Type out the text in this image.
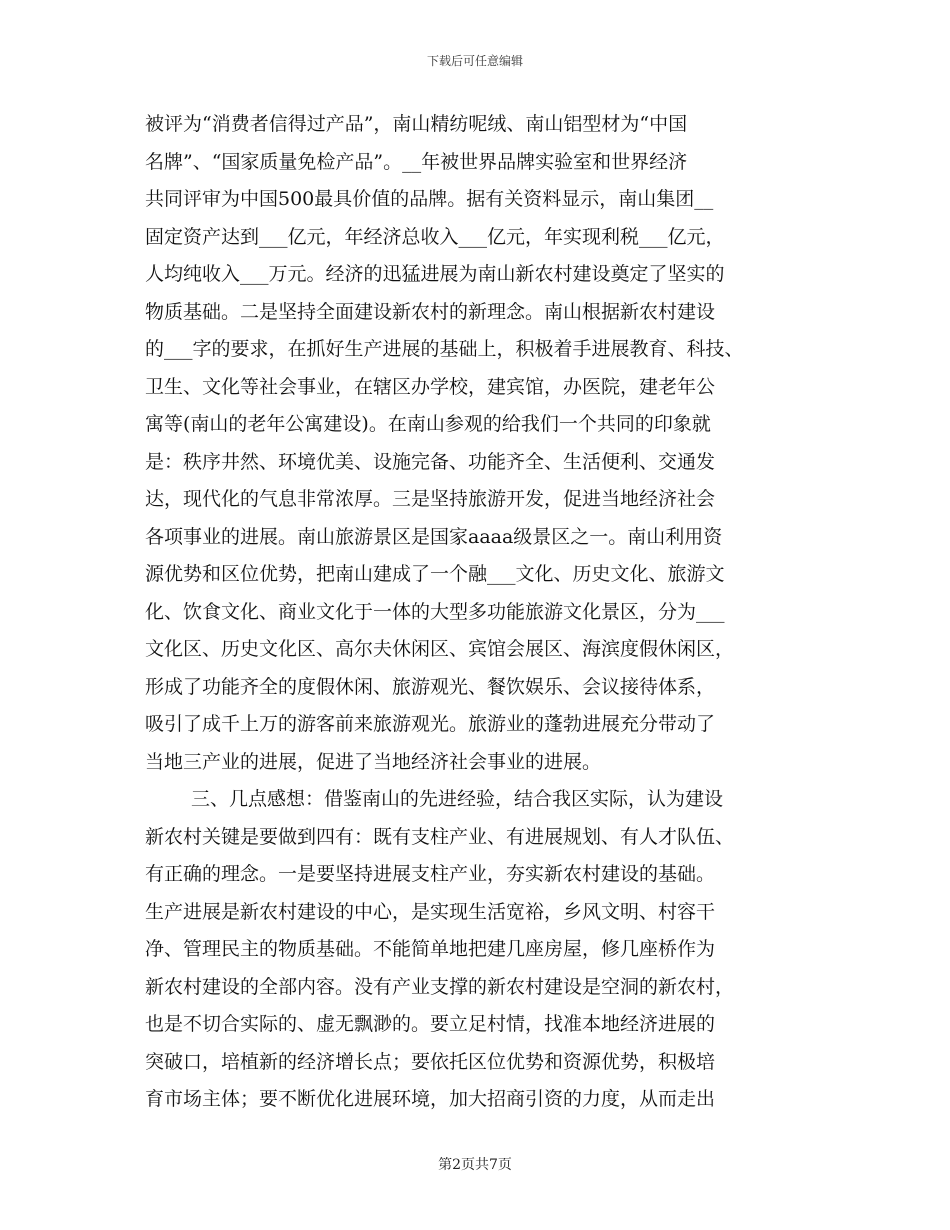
下载后可任意编辑
被评为“消费者信得过产品”，南山精纺呢绒、南山铝型材为“中国
名牌”、“国家质量免检产品”。__年被世界品牌实验室和世界经济
共同评审为中国500最具价值的品牌。据有关资料显示，南山集团__
固定资产达到___亿元，年经济总收入___亿元，年实现利税___亿元，
人均纯收入___万元。经济的迅猛进展为南山新农村建设奠定了坚实的
物质基础。二是坚持全面建设新农村的新理念。南山根据新农村建设
的___字的要求，在抓好生产进展的基础上，积极着手进展教育、科技、
卫生、文化等社会事业，在辖区办学校，建宾馆，办医院，建老年公
寓等(南山的老年公寓建设)。在南山参观的给我们一个共同的印象就
是：秩序井然、环境优美、设施完备、功能齐全、生活便利、交通发
达，现代化的气息非常浓厚。三是坚持旅游开发，促进当地经济社会
各项事业的进展。南山旅游景区是国家aaaa级景区之一。南山利用资
源优势和区位优势，把南山建成了一个融___文化、历史文化、旅游文
化、饮食文化、商业文化于一体的大型多功能旅游文化景区，分为___
文化区、历史文化区、高尔夫休闲区、宾馆会展区、海滨度假休闲区，
形成了功能齐全的度假休闲、旅游观光、餐饮娱乐、会议接待体系，
吸引了成千上万的游客前来旅游观光。旅游业的蓬勃进展充分带动了
当地三产业的进展，促进了当地经济社会事业的进展。
三、几点感想：借鉴南山的先进经验，结合我区实际，认为建设
新农村关键是要做到四有：既有支柱产业、有进展规划、有人才队伍、
有正确的理念。一是要坚持进展支柱产业，夯实新农村建设的基础。
生产进展是新农村建设的中心，是实现生活宽裕，乡风文明、村容干
净、管理民主的物质基础。不能简单地把建几座房屋，修几座桥作为
新农村建设的全部内容。没有产业支撑的新农村建设是空洞的新农村，
也是不切合实际的、虚无飘渺的。要立足村情，找准本地经济进展的
突破口，培植新的经济增长点；要依托区位优势和资源优势，积极培
育市场主体；要不断优化进展环境，加大招商引资的力度，从而走出
第2页共7页
